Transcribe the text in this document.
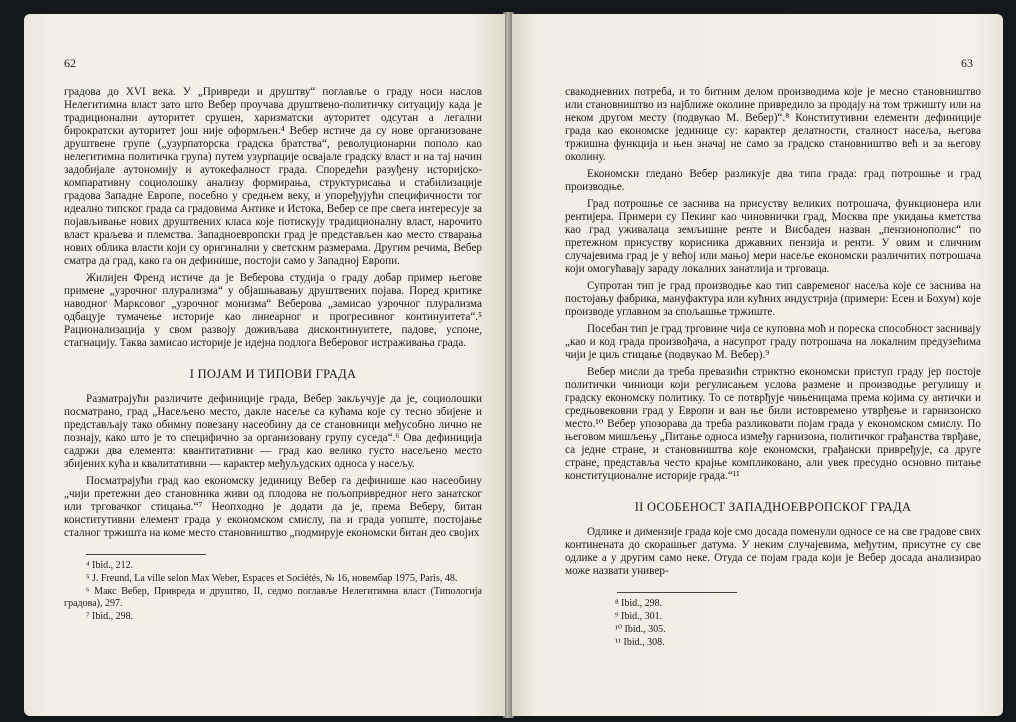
62

градова до XVI века. У „Привреди и друштву“ поглавље о граду носи наслов Нелегитимна власт зато што Вебер проучава друштвено-политичку ситуацију када је традиционални ауторитет срушен, харизматски ауторитет одсутан а легални бирократски ауторитет још није оформљен.⁴ Вебер истиче да су нове организоване друштвене групе („узурпаторска градска братства“, револуционарни пополо као нелегитимна политичка група) путем узурпације освајале градску власт и на тај начин задобијале аутономију и аутокефалност града. Споредећи разуђену историјско-компаративну социолошку анализу формирања, структурисања и стабилизације градова Западне Европе, посебно у средњем веку, и упоређујући специфичности тог идеално типског града са градовима Антике и Истока, Вебер се пре свега интересује за појављивање нових друштвених класа које потискују традиционалну власт, нарочито власт краљева и племства. Западноевропски град је представљен као место стварања нових облика власти који су оригинални у светским размерама. Другим речима, Вебер сматра да град, како га он дефинише, постоји само у Западној Европи.

Жилијен Френд истиче да је Веберова студија о граду добар пример његове примене „узрочног плурализма“ у објашњавању друштвених појава. Поред критике наводног Марксовог „узрочног монизма“ Веберова „замисао узрочног плурализма одбацује тумачење историје као линеарног и прогресивног континуитета“.⁵ Рационализација у свом развоју доживљава дисконтинуитете, падове, успоне, стагнацију. Таква замисао историје је идејна подлога Веберовог истраживања града.

I ПОЈАМ И ТИПОВИ ГРАДА

Разматрајући различите дефиниције града, Вебер закључује да је, социолошки посматрано, град „Насељено место, дакле насеље са кућама које су тесно збијене и представљају тако обимну повезану насеобину да се становници међусобно лично не познају, како што је то специфично за организовану групу суседа“.⁶ Ова дефиниција садржи два елемента: квантитативни — град као велико густо насељено место збијених кућа и квалитативни — карактер међуљудских односа у насељу.

Посматрајући град као економску јединицу Вебер га дефинише као насеобину „чији претежни део становника живи од плодова не пољопривредног него занатског или трговачког стицања.“⁷ Неопходно је додати да је, према Веберу, битан конститутивни елемент града у економском смислу, па и града уопште, постојање сталног тржишта на коме место становништво „подмирује економски битан део својих

⁴ Ibid., 212.
⁵ J. Freund, La ville selon Max Weber, Espaces et Sociétés, № 16, новембар 1975, Paris, 48.
⁶ Макс Вебер, Привреда и друштво, II, седмо поглавље Нелегитимна власт (Типологија градова), 297.
⁷ Ibid., 298.
63

свакодневних потреба, и то битним делом производима које је месно становништво или становништво из најближе околине привредило за продају на том тржишту или на неком другом месту (подвукао М. Вебер)“.⁸ Конститутивни елементи дефиниције града као економске јединице су: карактер делатности, сталност насеља, његова тржишна функција и њен значај не само за градско становништво већ и за његову околину.

Економски гледано Вебер разликује два типа града: град потрошње и град производње.

Град потрошње се заснива на присуству великих потрошача, функционера или рентијера. Примери су Пекинг као чиновнички град, Москва пре укидања кметства као град уживалаца земљишне ренте и Висбаден назван „пензионополис“ по претежном присуству корисника државних пензија и ренти. У овим и сличним случајевима град је у већој или мањој мери насеље економски различитих потрошача који омогућавају зараду локалних занатлија и трговаца.

Супротан тип је град производње као тип савременог насеља које се заснива на постојању фабрика, мануфактура или кућних индустрија (примери: Есен и Бохум) које производе углавном за спољашње тржиште.

Посебан тип је град трговине чија се куповна моћ и пореска способност заснивају „као и код града произвођача, а насупрот граду потрошача на локалним предузећима чији је циљ стицање (подвукао М. Вебер).⁹

Вебер мисли да треба превазићи стриктно економски приступ граду јер постоје политички чиниоци који регулисањем услова размене и производње регулишу и градску економску политику. То се потврђује чињеницама према којима су антички и средњовековни град у Европи и ван ње били истовремено утврђење и гарнизонско место.¹⁰ Вебер упозорава да треба разликовати појам града у економском смислу. По његовом мишљењу „Питање односа између гарнизона, политичког грађанства тврђаве, са једне стране, и становништва које економски, грађански привређује, са друге стране, представља често крајње компликовано, али увек пресудно основно питање конституционалне историје града.“¹¹

II ОСОБЕНОСТ ЗАПАДНОЕВРОПСКОГ ГРАДА

Одлике и димензије града које смо досада поменули односе се на све градове свих континената до скорашњег датума. У неким случајевима, међутим, присутне су све одлике а у другим само неке. Отуда се појам града који је Вебер досада анализирао може назвати универ-

⁸ Ibid., 298.
⁹ Ibid., 301.
¹⁰ Ibid., 305.
¹¹ Ibid., 308.
